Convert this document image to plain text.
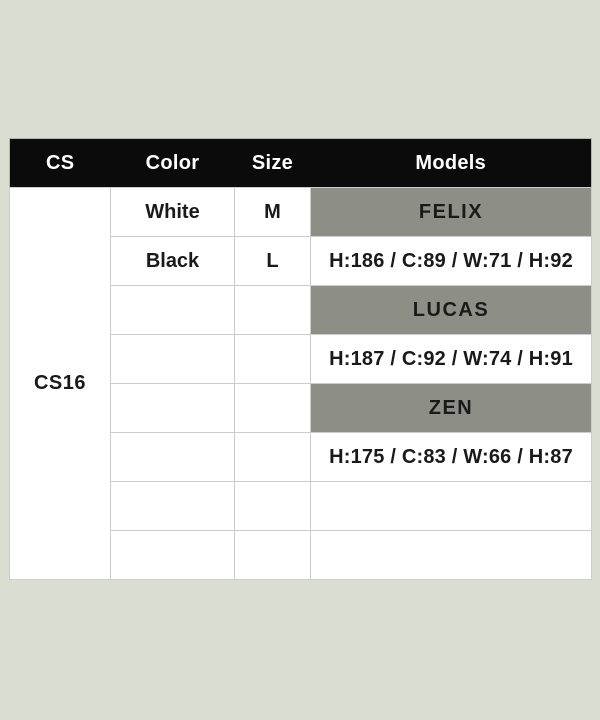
CS	Color	Size	Models
CS16	White	M	FELIX
	Black	L	H:186 / C:89 / W:71 / H:92
			LUCAS
			H:187 / C:92 / W:74 / H:91
			ZEN
			H:175 / C:83 / W:66 / H:87
